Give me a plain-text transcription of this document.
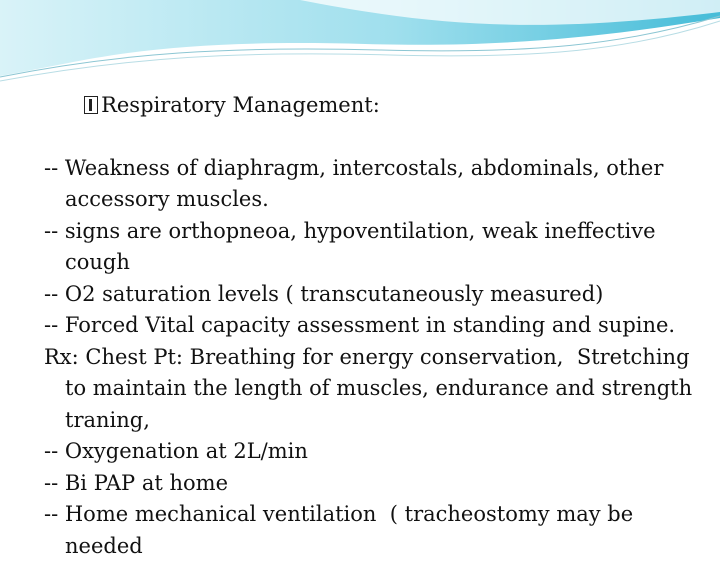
Respiratory Management:

-- Weakness of diaphragm, intercostals, abdominals, other accessory muscles.

-- signs are orthopneoa, hypoventilation, weak ineffective cough

-- O2 saturation levels ( transcutaneously measured)

-- Forced Vital capacity assessment in standing and supine.

Rx: Chest Pt: Breathing for energy conservation,  Stretching to maintain the length of muscles, endurance and strength traning,

-- Oxygenation at 2L/min

-- Bi PAP at home

-- Home mechanical ventilation  ( tracheostomy may be needed
